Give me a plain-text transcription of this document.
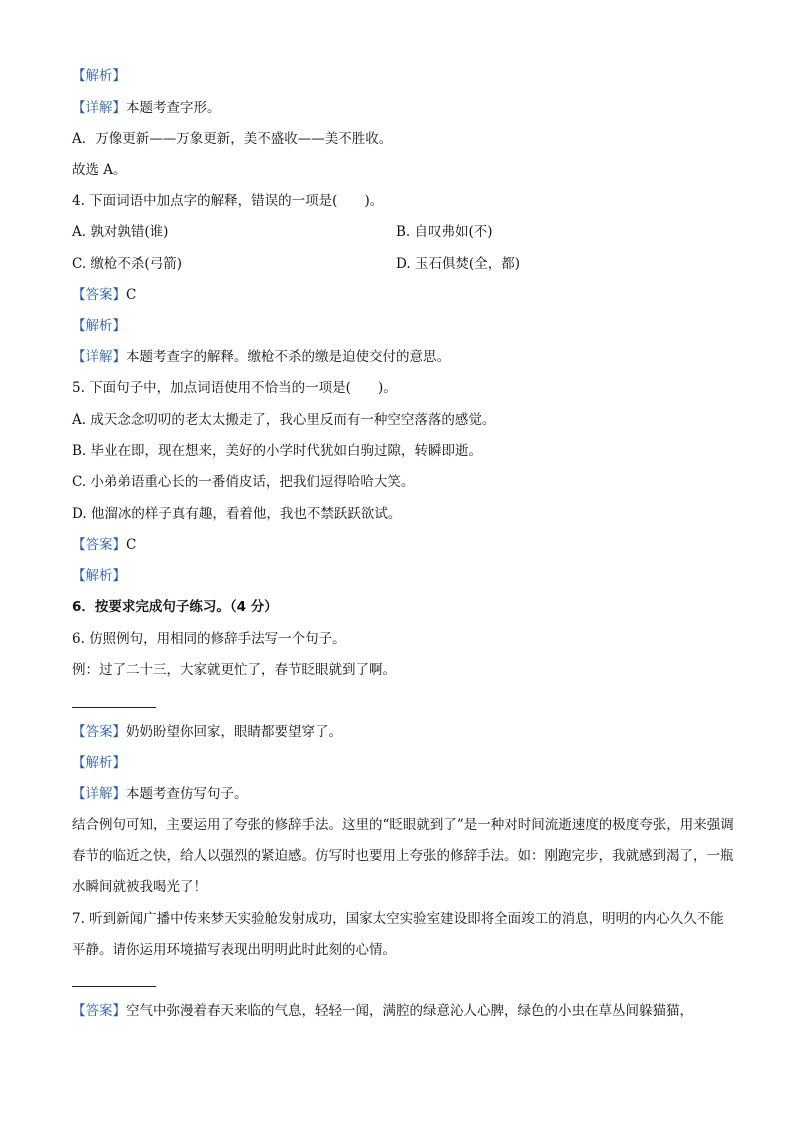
【解析】
【详解】本题考查字形。
A．万像更新——万象更新，美不盛收——美不胜收。
故选 A。
4. 下面词语中加点字的解释，错误的一项是(　　)。
A. 孰对孰错(谁)	B. 自叹弗如(不)
C. 缴枪不杀(弓箭)	D. 玉石俱焚(全，都)
【答案】C
【解析】
【详解】本题考查字的解释。缴枪不杀的缴是迫使交付的意思。
5. 下面句子中，加点词语使用不恰当的一项是(　　)。
A. 成天念念叨叨的老太太搬走了，我心里反而有一种空空落落的感觉。
B. 毕业在即，现在想来，美好的小学时代犹如白驹过隙，转瞬即逝。
C. 小弟弟语重心长的一番俏皮话，把我们逗得哈哈大笑。
D. 他溜冰的样子真有趣，看着他，我也不禁跃跃欲试。
【答案】C
【解析】
6．按要求完成句子练习。（4 分）
6. 仿照例句，用相同的修辞手法写一个句子。
例：过了二十三，大家就更忙了，春节眨眼就到了啊。
【答案】奶奶盼望你回家，眼睛都要望穿了。
【解析】
【详解】本题考查仿写句子。
结合例句可知，主要运用了夸张的修辞手法。这里的“眨眼就到了”是一种对时间流逝速度的极度夸张，用来强调春节的临近之快，给人以强烈的紧迫感。仿写时也要用上夸张的修辞手法。如：刚跑完步，我就感到渴了，一瓶水瞬间就被我喝光了！
7. 听到新闻广播中传来梦天实验舱发射成功，国家太空实验室建设即将全面竣工的消息，明明的内心久久不能平静。请你运用环境描写表现出明明此时此刻的心情。
【答案】空气中弥漫着春天来临的气息，轻轻一闻，满腔的绿意沁人心脾，绿色的小虫在草丛间躲猫猫，
